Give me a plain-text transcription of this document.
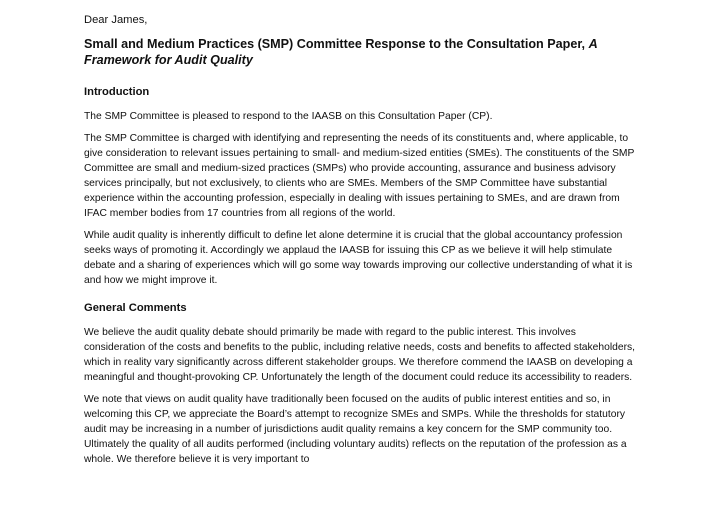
Dear James,

Small and Medium Practices (SMP) Committee Response to the Consultation Paper, A Framework for Audit Quality
Introduction

The SMP Committee is pleased to respond to the IAASB on this Consultation Paper (CP).

The SMP Committee is charged with identifying and representing the needs of its constituents and, where applicable, to give consideration to relevant issues pertaining to small- and medium-sized entities (SMEs). The constituents of the SMP Committee are small and medium-sized practices (SMPs) who provide accounting, assurance and business advisory services principally, but not exclusively, to clients who are SMEs. Members of the SMP Committee have substantial experience within the accounting profession, especially in dealing with issues pertaining to SMEs, and are drawn from IFAC member bodies from 17 countries from all regions of the world.

While audit quality is inherently difficult to define let alone determine it is crucial that the global accountancy profession seeks ways of promoting it. Accordingly we applaud the IAASB for issuing this CP as we believe it will help stimulate debate and a sharing of experiences which will go some way towards improving our collective understanding of what it is and how we might improve it.

General Comments

We believe the audit quality debate should primarily be made with regard to the public interest. This involves consideration of the costs and benefits to the public, including relative needs, costs and benefits to affected stakeholders, which in reality vary significantly across different stakeholder groups. We therefore commend the IAASB on developing a meaningful and thought-provoking CP. Unfortunately the length of the document could reduce its accessibility to readers.

We note that views on audit quality have traditionally been focused on the audits of public interest entities and so, in welcoming this CP, we appreciate the Board’s attempt to recognize SMEs and SMPs. While the thresholds for statutory audit may be increasing in a number of jurisdictions audit quality remains a key concern for the SMP community too. Ultimately the quality of all audits performed (including voluntary audits) reflects on the reputation of the profession as a whole. We therefore believe it is very important to
